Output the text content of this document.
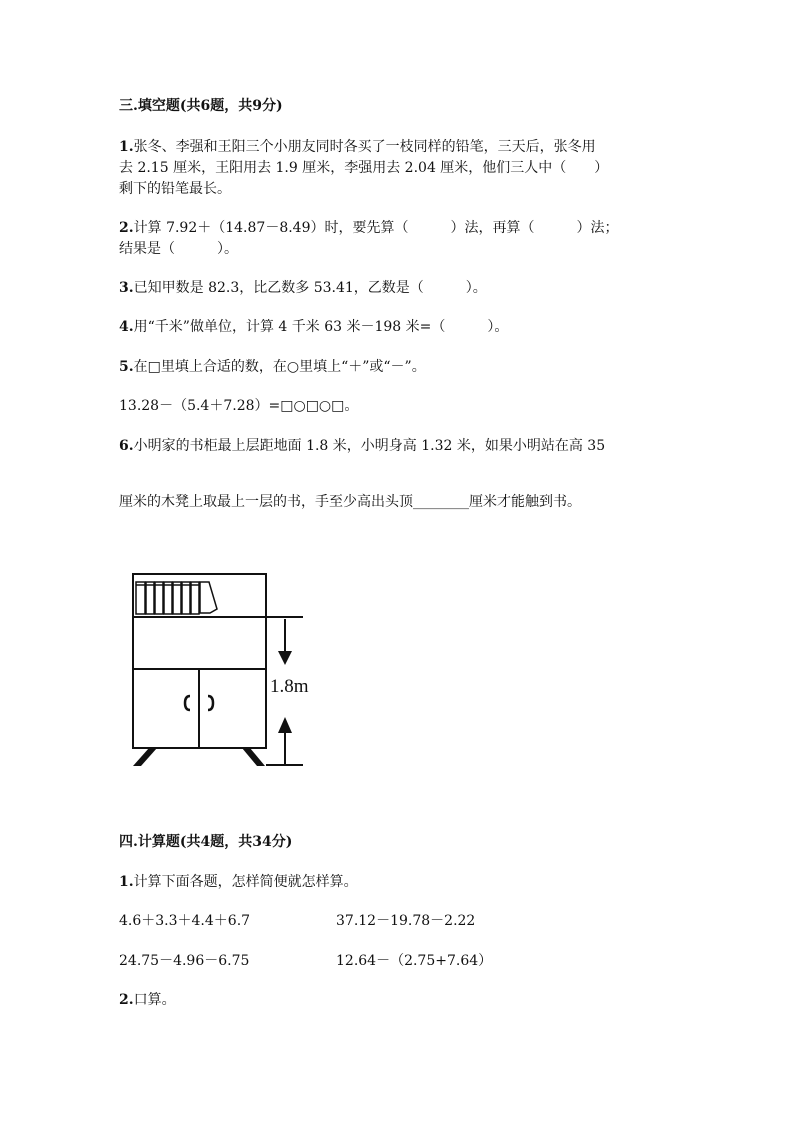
三.填空题(共6题，共9分)
1.张冬、李强和王阳三个小朋友同时各买了一枝同样的铅笔，三天后，张冬用
去 2.15 厘米，王阳用去 1.9 厘米，李强用去 2.04 厘米，他们三人中（　　）
剩下的铅笔最长。
2.计算 7.92＋（14.87－8.49）时，要先算（　　　）法，再算（　　　）法；
结果是（　　　）。
3.已知甲数是 82.3，比乙数多 53.41，乙数是（　　　）。
4.用“千米”做单位，计算 4 千米 63 米－198 米=（　　　）。
5.在□里填上合适的数，在○里填上“＋”或“－”。
13.28－（5.4＋7.28）=□○□○□。
6.小明家的书柜最上层距地面 1.8 米，小明身高 1.32 米，如果小明站在高 35
厘米的木凳上取最上一层的书，手至少高出头顶________厘米才能触到书。
1.8m
四.计算题(共4题，共34分)
1.计算下面各题，怎样简便就怎样算。
4.6＋3.3＋4.4＋6.7	37.12－19.78－2.22
24.75－4.96－6.75	12.64－（2.75+7.64）
2.口算。
